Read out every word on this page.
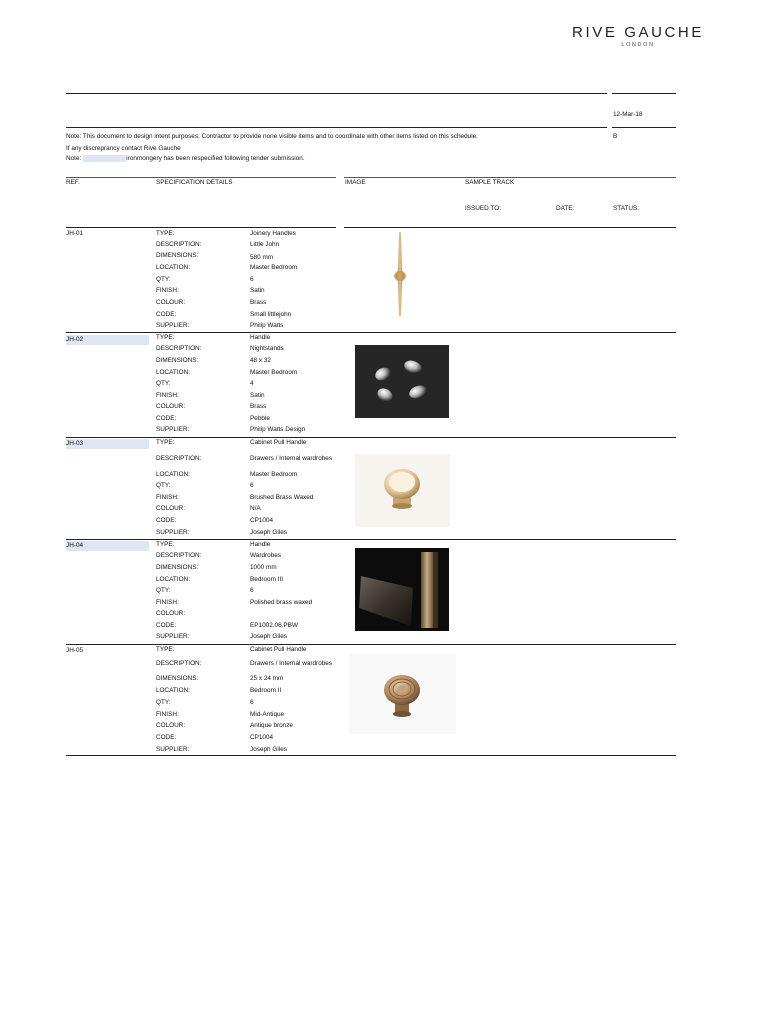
RIVE GAUCHE
LONDON
12-Mar-18
B
Note: This document to design intent purposes. Contractor to provide none visible items and to coordinate with other items listed on this schedule.
If any discreprancy contact Rive Gauche
Note:	ironmongery has been respecified following tender submission.
REF.	SPECIFICATION DETAILS	IMAGE	SAMPLE TRACK
ISSUED TO:	DATE:	STATUS:
JH-01	TYPE:	Joinery Handles
DESCRIPTION:	Little John
DIMENSIONS:	580 mm
LOCATION:	Master Bedroom
QTY:	6
FINISH:	Satin
COLOUR:	Brass
CODE:	Small littlejohn
SUPPLIER:	Philip Watts
JH-02	TYPE:	Handle
DESCRIPTION:	Nightstands
DIMENSIONS:	48 x 32
LOCATION:	Master Bedroom
QTY:	4
FINISH:	Satin
COLOUR:	Brass
CODE:	Pebble
SUPPLIER:	Philip Watts Design
JH-03	TYPE:	Cabinet Pull Handle
DESCRIPTION:	Drawers / Internal wardrobes
LOCATION:	Master Bedroom
QTY:	6
FINISH:	Brushed Brass Waxed
COLOUR:	N/A
CODE:	CP1004
SUPPLIER:	Joseph Giles
JH-04	TYPE:	Handle
DESCRIPTION:	Wardrobes
DIMENSIONS:	1000 mm
LOCATION:	Bedroom III
QTY:	6
FINISH:	Polished brass waxed
COLOUR:
CODE:	EP1002.06.PBW
SUPPLIER:	Joseph Giles
JH-05	TYPE:	Cabinet Pull Handle
DESCRIPTION:	Drawers / Internal wardrobes
DIMENSIONS:	25 x 24 mm
LOCATION:	Bedroom II
QTY:	6
FINISH:	Mid-Antique
COLOUR:	Antique bronze
CODE:	CP1004
SUPPLIER:	Joseph Giles
